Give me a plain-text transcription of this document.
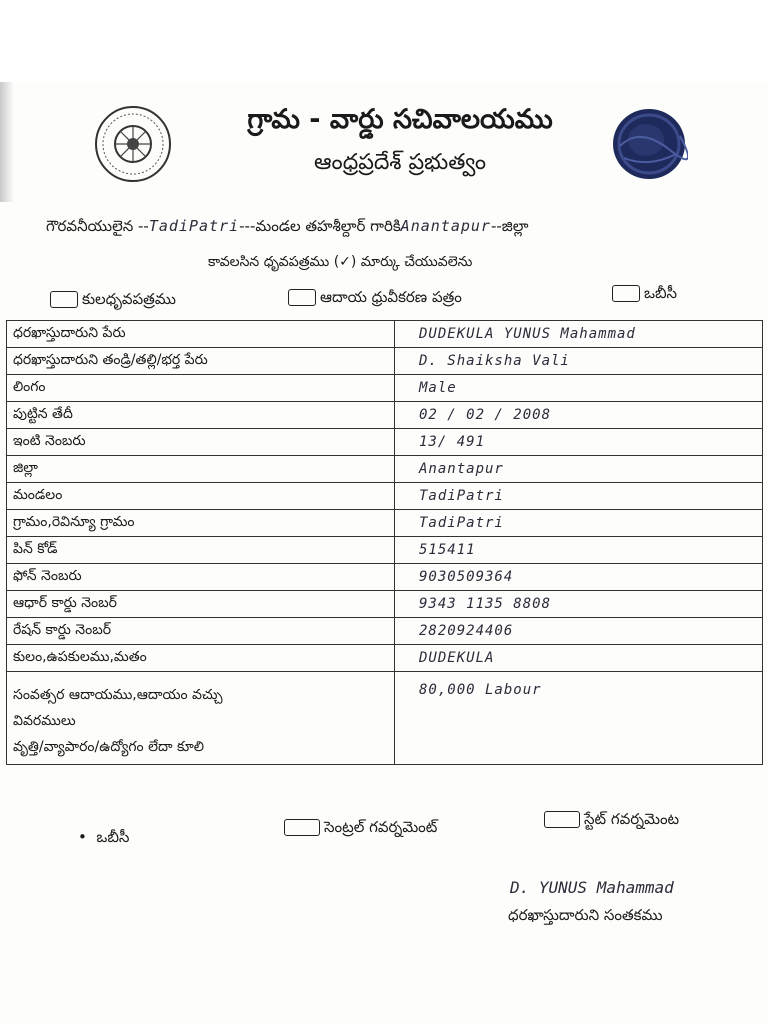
గ్రామ - వార్డు సచివాలయము
ఆంధ్రప్రదేశ్ ప్రభుత్వం
గౌరవనీయులైన --TadiPatri---మండల తహశీల్దార్ గారికిAnantapur--జిల్లా
కావలసిన ధృవపత్రము (✓) మార్కు చేయువలెను
కులధృవపత్రము	ఆదాయ ధ్రువీకరణ పత్రం	ఒబీసీ
ధరఖాస్తుదారుని పేరు	DUDEKULA YUNUS Mahammad
ధరఖాస్తుదారుని తండ్రి/తల్లి/భర్త పేరు	D. Shaiksha Vali
లింగం	Male
పుట్టిన తేదీ	02 / 02 / 2008
ఇంటి నెంబరు	13/ 491
జిల్లా	Anantapur
మండలం	TadiPatri
గ్రామం,రెవిన్యూ గ్రామం	TadiPatri
పిన్ కోడ్	515411
ఫోన్ నెంబరు	9030509364
ఆధార్ కార్డు నెంబర్	9343 1135 8808
రేషన్ కార్డు నెంబర్	2820924406
కులం,ఉపకులము,మతం	DUDEKULA

సంవత్సర ఆదాయము,ఆదాయం వచ్చు
వివరములు
వృత్తి/వ్యాపారం/ఉద్యోగం లేదా కూలి	80,000 Labour
•  ఒబీసీ
సెంట్రల్ గవర్నమెంట్	స్టేట్ గవర్నమెంట
D. YUNUS Mahammad
ధరఖాస్తుదారుని సంతకము
